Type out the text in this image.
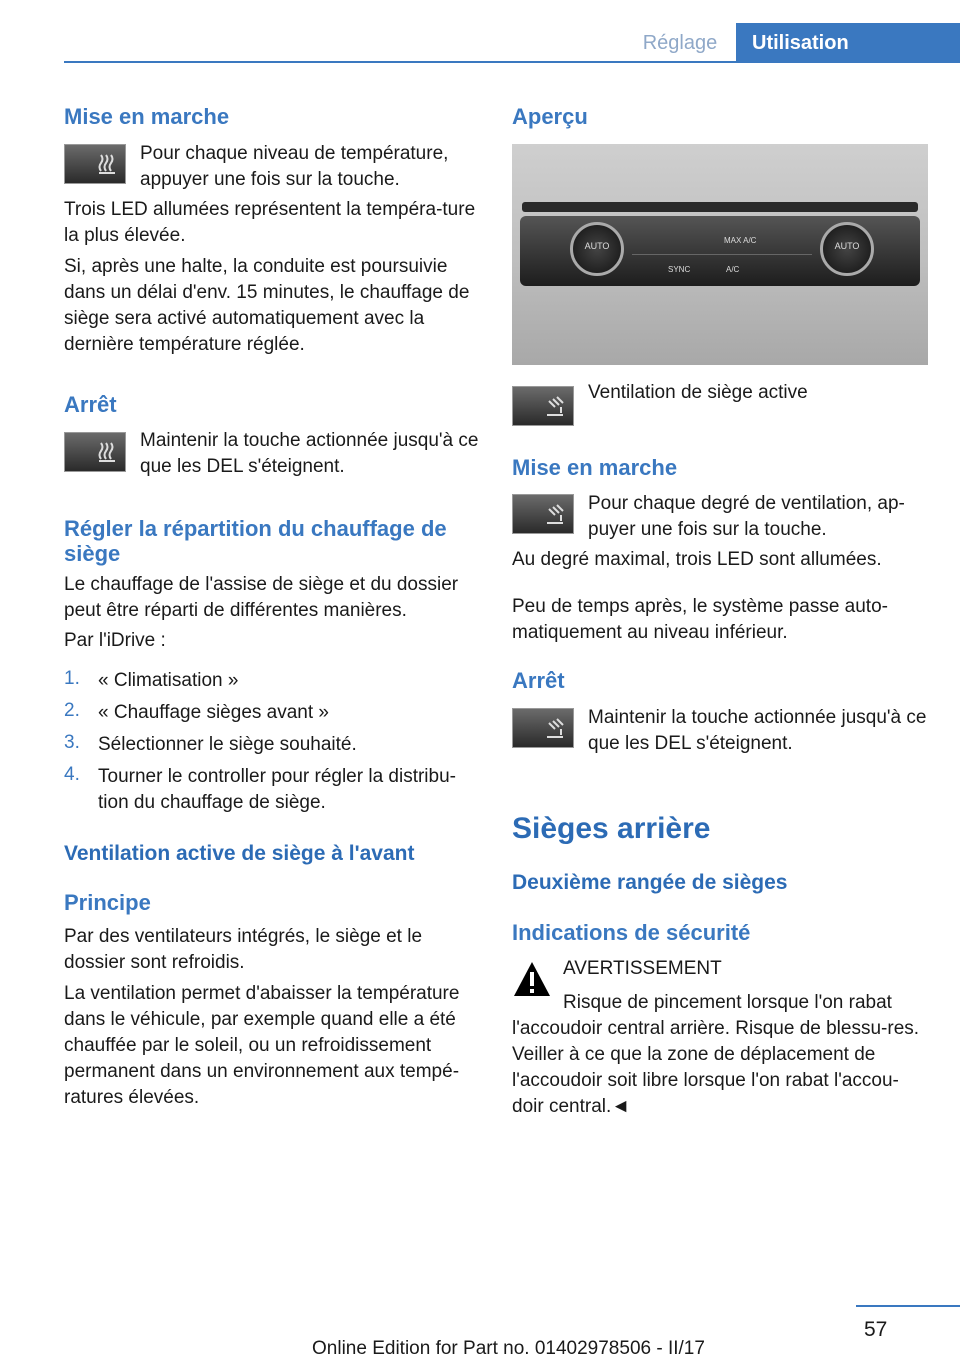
Réglage	Utilisation
Mise en marche

Pour chaque niveau de température, appuyer une fois sur la touche.

Trois LED allumées représentent la tempéra‐ture la plus élevée.

Si, après une halte, la conduite est poursuivie dans un délai d'env. 15 minutes, le chauffage de siège sera activé automatiquement avec la dernière température réglée.

Arrêt

Maintenir la touche actionnée jusqu'à ce que les DEL s'éteignent.

Régler la répartition du chauffage de siège

Le chauffage de l'assise de siège et du dossier peut être réparti de différentes manières.

Par l'iDrive :

1. « Climatisation »
2. « Chauffage sièges avant »
3. Sélectionner le siège souhaité.
4. Tourner le controller pour régler la distribu‐tion du chauffage de siège.
Ventilation active de siège à l'avant
Principe

Par des ventilateurs intégrés, le siège et le dossier sont refroidis.

La ventilation permet d'abaisser la température dans le véhicule, par exemple quand elle a été chauffée par le soleil, ou un refroidissement permanent dans un environnement aux tempé‐ratures élevées.

Aperçu
AUTO	AUTO
MAX A/C
SYNC	A/C

Ventilation de siège active

Mise en marche

Pour chaque degré de ventilation, ap‐puyer une fois sur la touche.

Au degré maximal, trois LED sont allumées.

Peu de temps après, le système passe auto‐matiquement au niveau inférieur.

Arrêt

Maintenir la touche actionnée jusqu'à ce que les DEL s'éteignent.

Sièges arrière
Deuxième rangée de sièges
Indications de sécurité

AVERTISSEMENT

Risque de pincement lorsque l'on rabat l'accoudoir central arrière. Risque de blessu‐res. Veiller à ce que la zone de déplacement de l'accoudoir soit libre lorsque l'on rabat l'accou‐doir central.◄

57
Online Edition for Part no. 01402978506 - II/17
